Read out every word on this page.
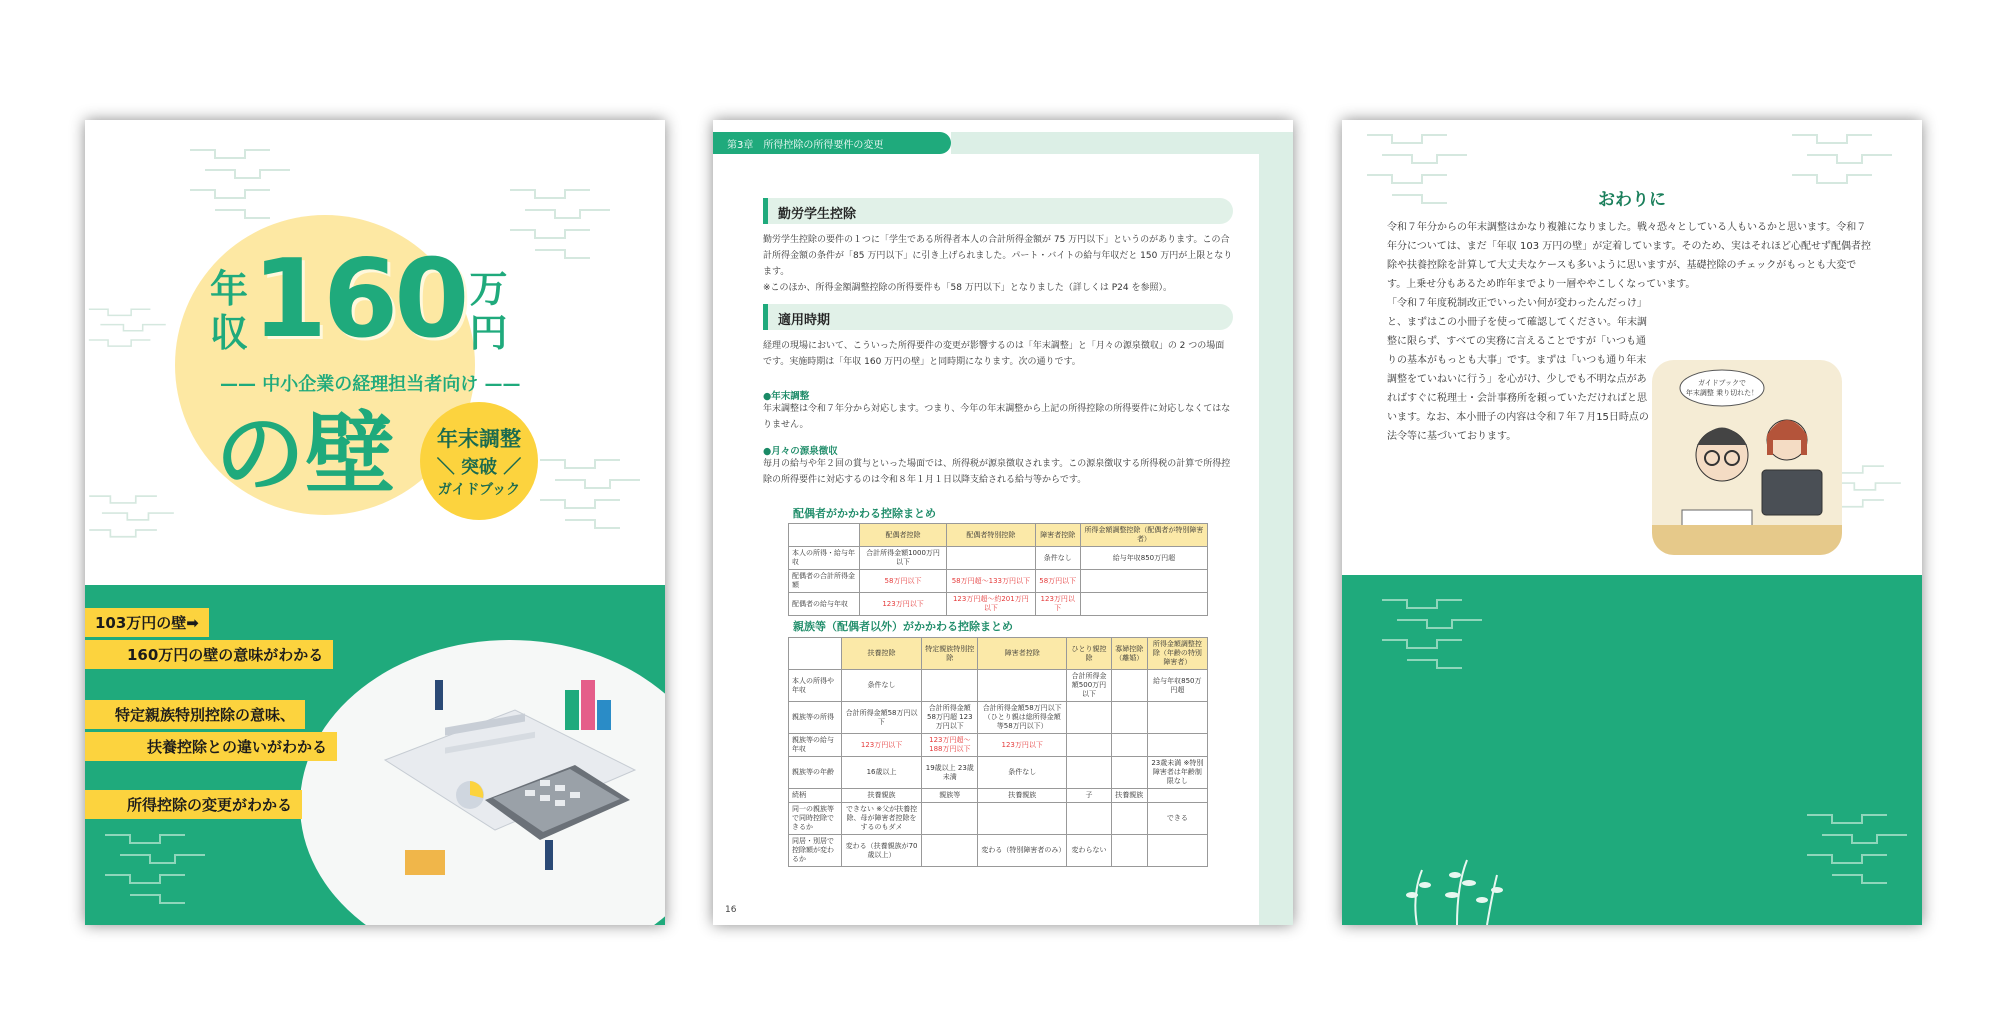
年
収 160 万
円
—— 中小企業の経理担当者向け ——
の壁 年末調整
＼ 突破 ／
ガイドブック
103万円の壁➡
160万円の壁の意味がわかる
特定親族特別控除の意味、
扶養控除との違いがわかる
所得控除の変更がわかる
第3章　所得控除の所得要件の変更
勤労学生控除

勤労学生控除の要件の１つに「学生である所得者本人の合計所得金額が 75 万円以下」というのがあります。この合計所得金額の条件が「85 万円以下」に引き上げられました。パート・バイトの給与年収だと 150 万円が上限となります。

※このほか、所得金額調整控除の所得要件も「58 万円以下」となりました（詳しくは P24 を参照）。

適用時期
経理の現場において、こういった所得要件の変更が影響するのは「年末調整」と「月々の源泉徴収」の 2 つの場面です。実施時期は「年収 160 万円の壁」と同時期になります。次の通りです。
●年末調整
年末調整は令和７年分から対応します。つまり、今年の年末調整から上記の所得控除の所得要件に対応しなくてはなりません。
●月々の源泉徴収
毎月の給与や年２回の賞与といった場面では、所得税が源泉徴収されます。この源泉徴収する所得税の計算で所得控除の所得要件に対応するのは令和８年１月１日以降支給される給与等からです。
配偶者がかかわる控除まとめ
	配偶者控除	配偶者特別控除	障害者控除	所得金額調整控除（配偶者が特別障害者）
本人の所得・給与年収	合計所得金額1000万円以下		条件なし	給与年収850万円超
配偶者の合計所得金額	58万円以下	58万円超～133万円以下	58万円以下	
配偶者の給与年収	123万円以下	123万円超～約201万円以下	123万円以下	
親族等（配偶者以外）がかかわる控除まとめ
	扶養控除	特定親族特別控除	障害者控除	ひとり親控除	寡婦控除（離婚）	所得金額調整控除（年齢の特別障害者）
本人の所得や年収	条件なし			合計所得金額500万円以下		給与年収850万円超
親族等の所得	合計所得金額58万円以下	合計所得金額58万円超 123万円以下	合計所得金額58万円以下（ひとり親は総所得金額等58万円以下）			
親族等の給与年収	123万円以下	123万円超～188万円以下	123万円以下			
親族等の年齢	16歳以上	19歳以上 23歳未満	条件なし			23歳未満 ※特別障害者は年齢制限なし
続柄	扶養親族	親族等	扶養親族	子	扶養親族	
同一の親族等で同時控除できるか	できない ※父が扶養控除、母が障害者控除をするのもダメ					できる
同居・別居で控除額が変わるか	変わる（扶養親族が70歳以上）		変わる（特別障害者のみ）	変わらない		
16
おわりに

令和７年分からの年末調整はかなり複雑になりました。戦々恐々としている人もいるかと思います。令和７年分については、まだ「年収 103 万円の壁」が定着しています。そのため、実はそれほど心配せず配偶者控除や扶養控除を計算して大丈夫なケースも多いように思いますが、基礎控除のチェックがもっとも大変です。上乗せ分もあるため昨年までより一層ややこしくなっています。

「令和７年度税制改正でいったい何が変わったんだっけ」と、まずはこの小冊子を使って確認してください。年末調整に限らず、すべての実務に言えることですが「いつも通りの基本がもっとも大事」です。まずは「いつも通り年末調整をていねいに行う」を心がけ、少しでも不明な点があればすぐに税理士・会計事務所を頼っていただければと思います。なお、本小冊子の内容は令和７年７月15日時点の法令等に基づいております。

ガイドブックで
年末調整 乗り切れた！
